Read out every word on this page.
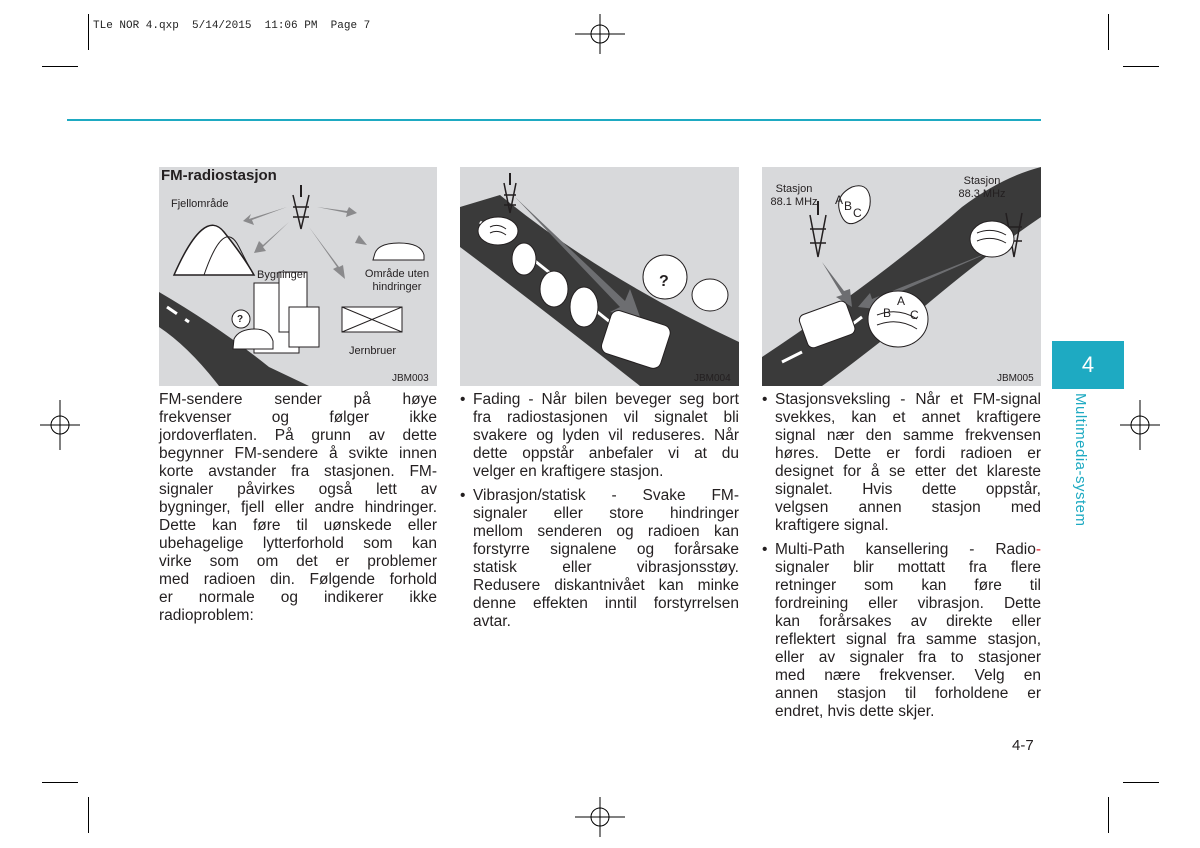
TLe NOR 4.qxp  5/14/2015  11:06 PM  Page 7
FM-radiostasjon
Fjellområde
Bygninger	Område uten
hindringer
Jernbruer
?
JBM003
?
JBM004
Stasjon
88.1 MHz
Stasjon
88.3 MHz
A B C
A
B C
JBM005
FM-sendere sender på høye
frekvenser og følger ikke
jordoverflaten. På grunn av dette
begynner FM-sendere å svikte innen
korte avstander fra stasjonen. FM-
signaler påvirkes også lett av
bygninger, fjell eller andre hindringer.
Dette kan føre til uønskede eller
ubehagelige lytterforhold som kan
virke som om det er problemer
med radioen din. Følgende forhold
er normale og indikerer ikke
radioproblem:
• Fading - Når bilen beveger seg bort
fra radiostasjonen vil signalet bli
svakere og lyden vil reduseres. Når
dette oppstår anbefaler vi at du
velger en kraftigere stasjon.
• Vibrasjon/statisk - Svake FM-
signaler eller store hindringer
mellom senderen og radioen kan
forstyrre signalene og forårsake
statisk eller vibrasjonsstøy.
Redusere diskantnivået kan minke
denne effekten inntil forstyrrelsen
avtar.
• Stasjonsveksling - Når et FM-signal
svekkes, kan et annet kraftigere
signal nær den samme frekvensen
høres. Dette er fordi radioen er
designet for å se etter det klareste
signalet. Hvis dette oppstår,
velgsen annen stasjon med
kraftigere signal.
• Multi-Path kansellering - Radio-
signaler blir mottatt fra flere
retninger som kan føre til
fordreining eller vibrasjon. Dette
kan forårsakes av direkte eller
reflektert signal fra samme stasjon,
eller av signaler fra to stasjoner
med nære frekvenser. Velg en
annen stasjon til forholdene er
endret, hvis dette skjer.
4
Multimedia-system
4-7
